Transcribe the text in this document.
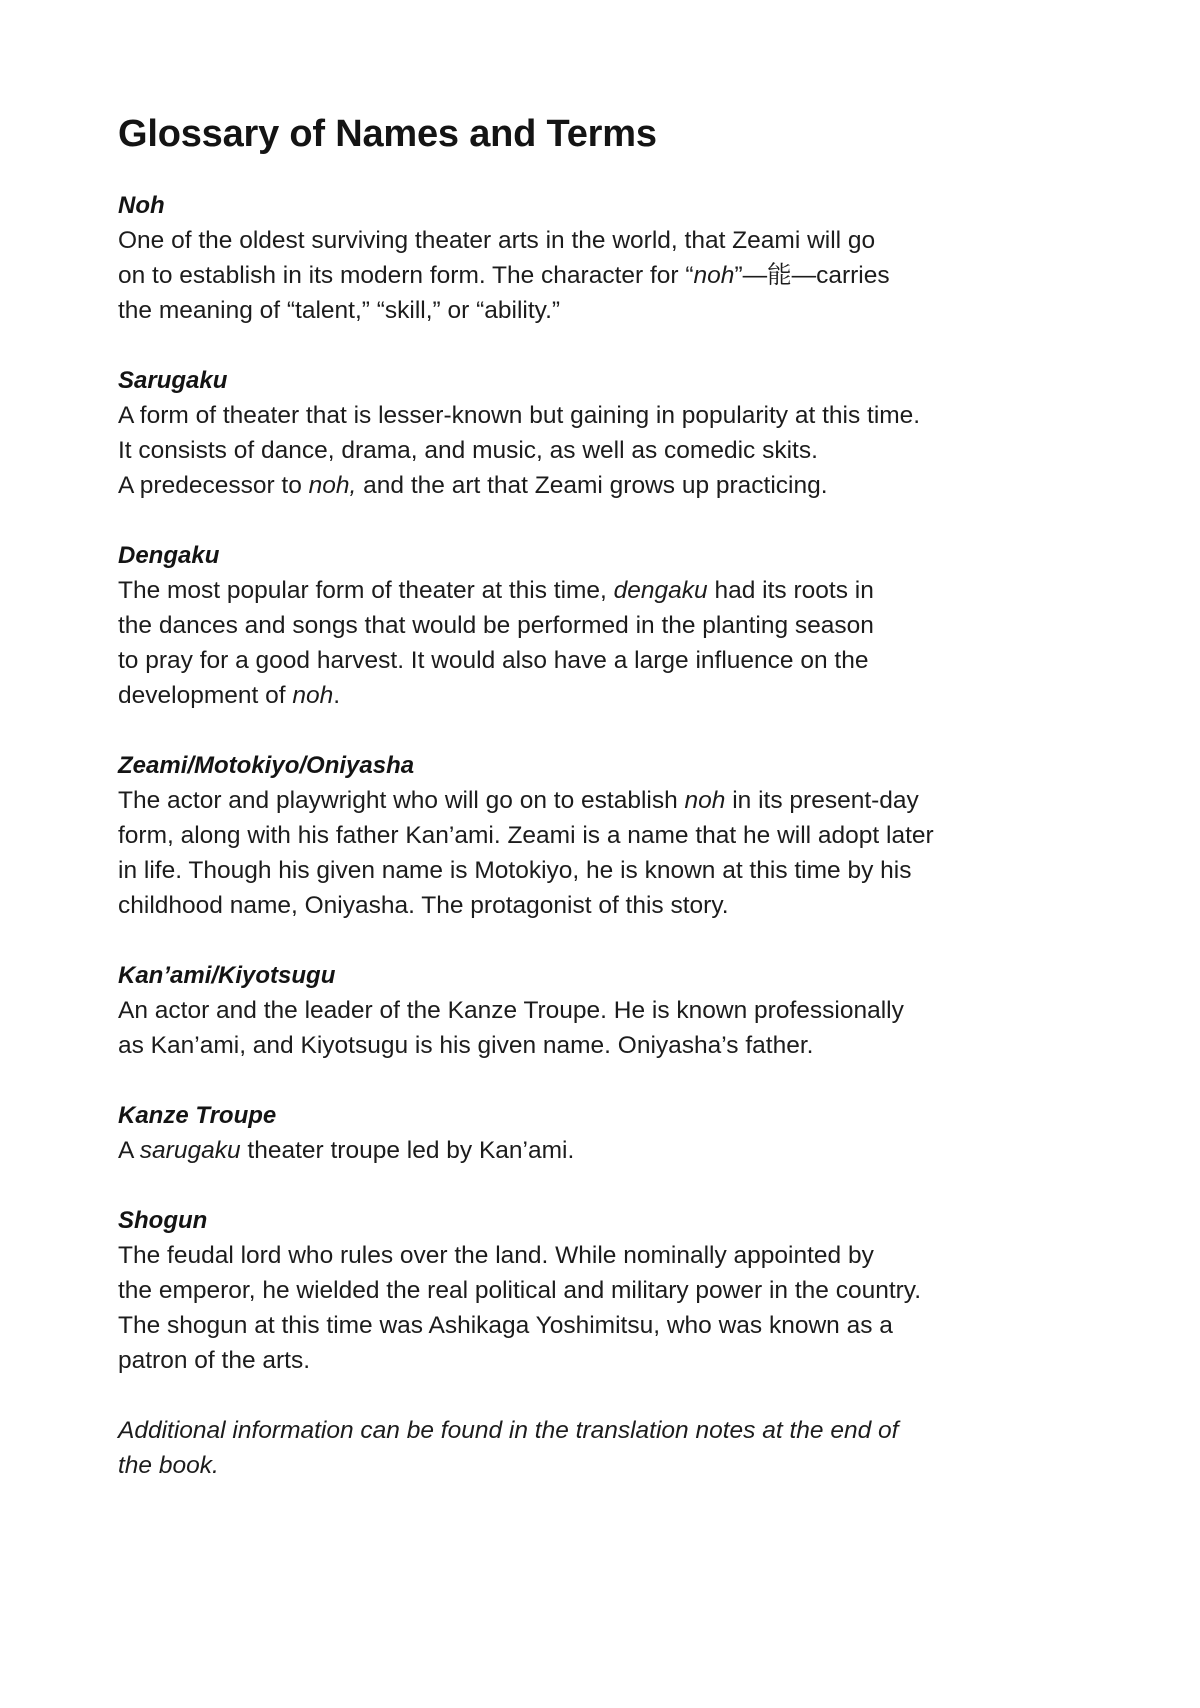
Glossary of Names and Terms

Noh

One of the oldest surviving theater arts in the world, that Zeami will go
on to establish in its modern form. The character for “noh”—能—carries
the meaning of “talent,” “skill,” or “ability.”

Sarugaku

A form of theater that is lesser-known but gaining in popularity at this time.
It consists of dance, drama, and music, as well as comedic skits.
A predecessor to noh, and the art that Zeami grows up practicing.

Dengaku

The most popular form of theater at this time, dengaku had its roots in
the dances and songs that would be performed in the planting season
to pray for a good harvest. It would also have a large influence on the
development of noh.

Zeami/Motokiyo/Oniyasha

The actor and playwright who will go on to establish noh in its present-day
form, along with his father Kan’ami. Zeami is a name that he will adopt later
in life. Though his given name is Motokiyo, he is known at this time by his
childhood name, Oniyasha. The protagonist of this story.

Kan’ami/Kiyotsugu

An actor and the leader of the Kanze Troupe. He is known professionally
as Kan’ami, and Kiyotsugu is his given name. Oniyasha’s father.

Kanze Troupe

A sarugaku theater troupe led by Kan’ami.

Shogun

The feudal lord who rules over the land. While nominally appointed by
the emperor, he wielded the real political and military power in the country.
The shogun at this time was Ashikaga Yoshimitsu, who was known as a
patron of the arts.
Additional information can be found in the translation notes at the end of
the book.
